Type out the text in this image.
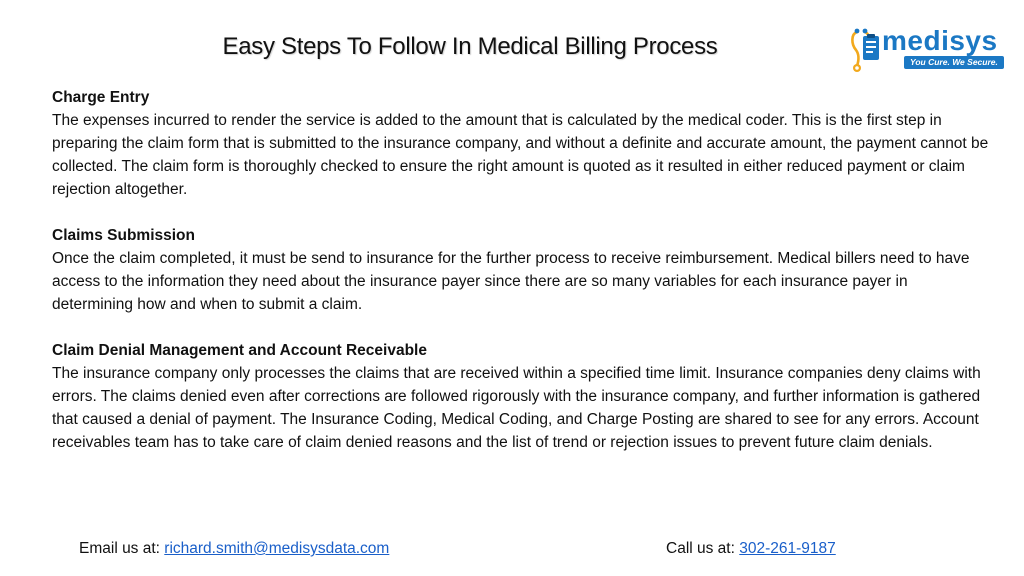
Easy Steps To Follow In Medical Billing Process	medisys
You Cure. We Secure.
Charge Entry
The expenses incurred to render the service is added to the amount that is calculated by the medical coder. This is the first step in preparing the claim form that is submitted to the insurance company, and without a definite and accurate amount, the payment cannot be collected. The claim form is thoroughly checked to ensure the right amount is quoted as it resulted in either reduced payment or claim rejection altogether.
Claims Submission
Once the claim completed, it must be send to insurance for the further process to receive reimbursement. Medical billers need to have access to the information they need about the insurance payer since there are so many variables for each insurance payer in determining how and when to submit a claim.
Claim Denial Management and Account Receivable
The insurance company only processes the claims that are received within a specified time limit. Insurance companies deny claims with errors. The claims denied even after corrections are followed rigorously with the insurance company, and further information is gathered that caused a denial of payment. The Insurance Coding, Medical Coding, and Charge Posting are shared to see for any errors. Account receivables team has to take care of claim denied reasons and the list of trend or rejection issues to prevent future claim denials.
Email us at: richard.smith@medisysdata.com	Call us at: 302-261-9187
